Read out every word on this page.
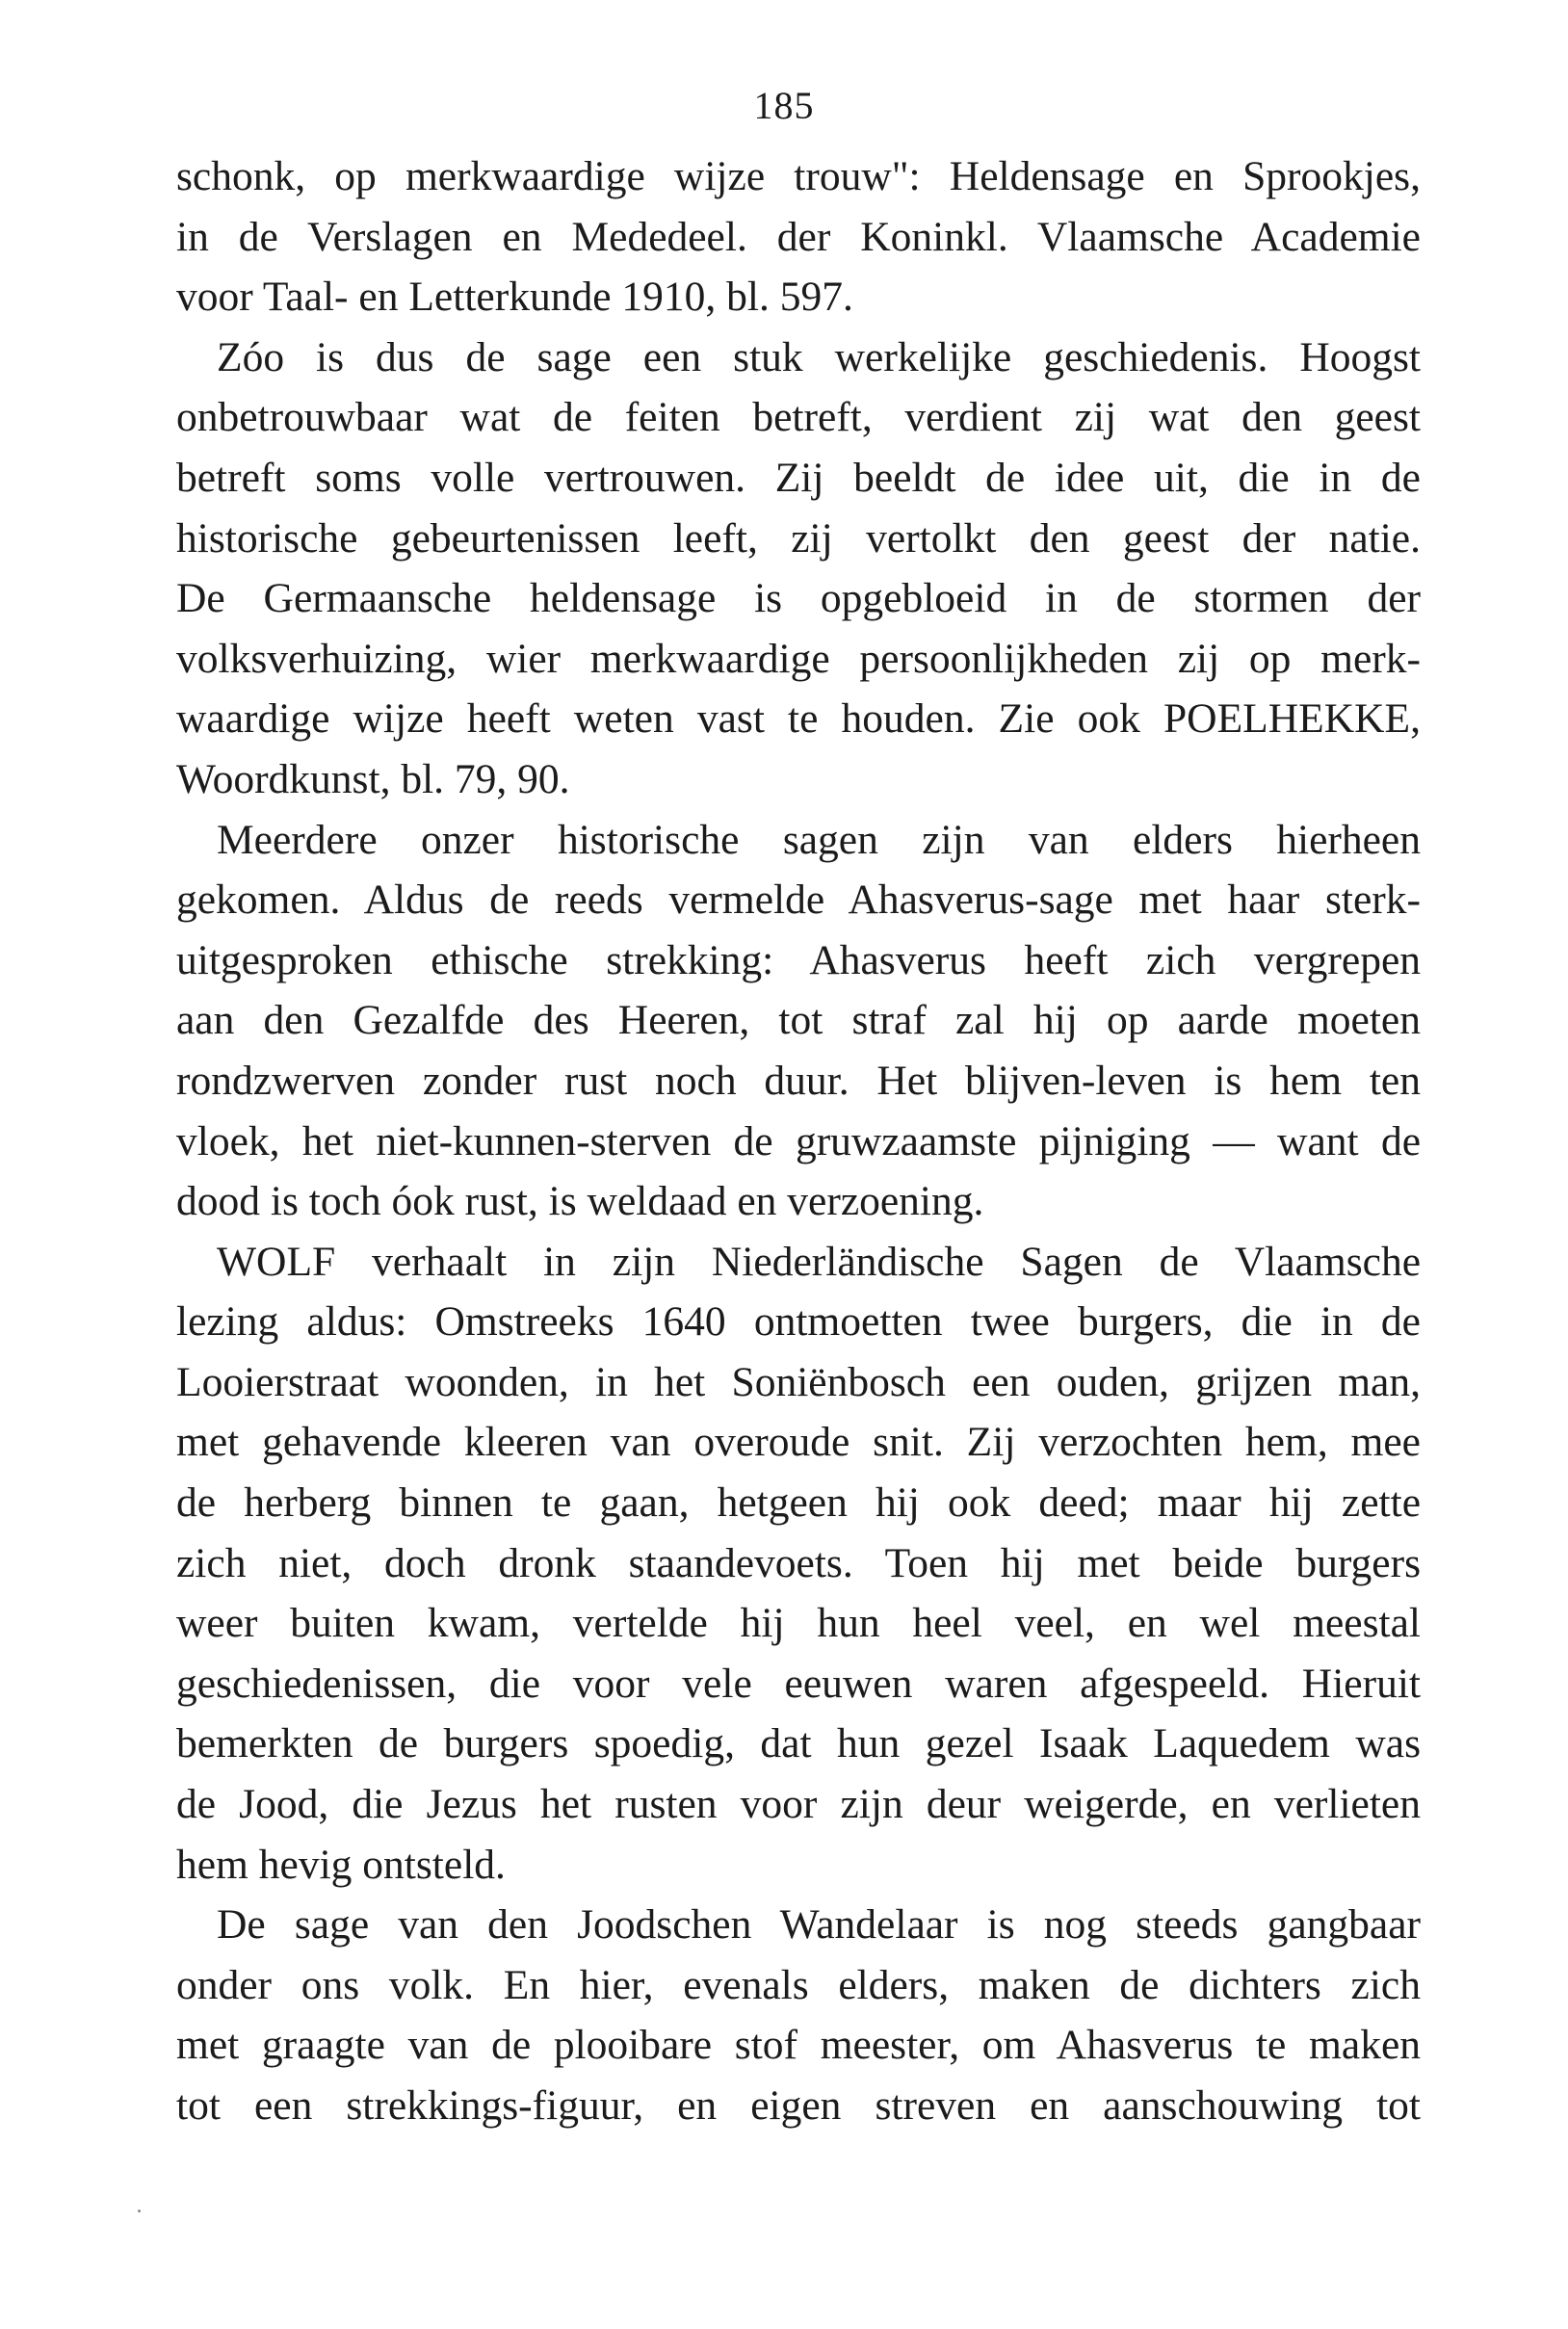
185

schonk, op merkwaardige wijze trouw": Heldensage en Sprookjes,
in de Verslagen en Mededeel. der Koninkl. Vlaamsche Academie
voor Taal- en Letterkunde 1910, bl. 597.

Zóo is dus de sage een stuk werkelijke geschiedenis. Hoogst
onbetrouwbaar wat de feiten betreft, verdient zij wat den geest
betreft soms volle vertrouwen. Zij beeldt de idee uit, die in de
historische gebeurtenissen leeft, zij vertolkt den geest der natie.
De Germaansche heldensage is opgebloeid in de stormen der
volksverhuizing, wier merkwaardige persoonlijkheden zij op merk-
waardige wijze heeft weten vast te houden. Zie ook POELHEKKE,
Woordkunst, bl. 79, 90.

Meerdere onzer historische sagen zijn van elders hierheen
gekomen. Aldus de reeds vermelde Ahasverus-sage met haar sterk-
uitgesproken ethische strekking: Ahasverus heeft zich vergrepen
aan den Gezalfde des Heeren, tot straf zal hij op aarde moeten
rondzwerven zonder rust noch duur. Het blijven-leven is hem ten
vloek, het niet-kunnen-sterven de gruwzaamste pijniging — want de
dood is toch óok rust, is weldaad en verzoening.

WOLF verhaalt in zijn Niederländische Sagen de Vlaamsche
lezing aldus: Omstreeks 1640 ontmoetten twee burgers, die in de
Looierstraat woonden, in het Soniënbosch een ouden, grijzen man,
met gehavende kleeren van overoude snit. Zij verzochten hem, mee
de herberg binnen te gaan, hetgeen hij ook deed; maar hij zette
zich niet, doch dronk staandevoets. Toen hij met beide burgers
weer buiten kwam, vertelde hij hun heel veel, en wel meestal
geschiedenissen, die voor vele eeuwen waren afgespeeld. Hieruit
bemerkten de burgers spoedig, dat hun gezel Isaak Laquedem was
de Jood, die Jezus het rusten voor zijn deur weigerde, en verlieten
hem hevig ontsteld.

De sage van den Joodschen Wandelaar is nog steeds gangbaar
onder ons volk. En hier, evenals elders, maken de dichters zich
met graagte van de plooibare stof meester, om Ahasverus te maken
tot een strekkings-figuur, en eigen streven en aanschouwing tot
